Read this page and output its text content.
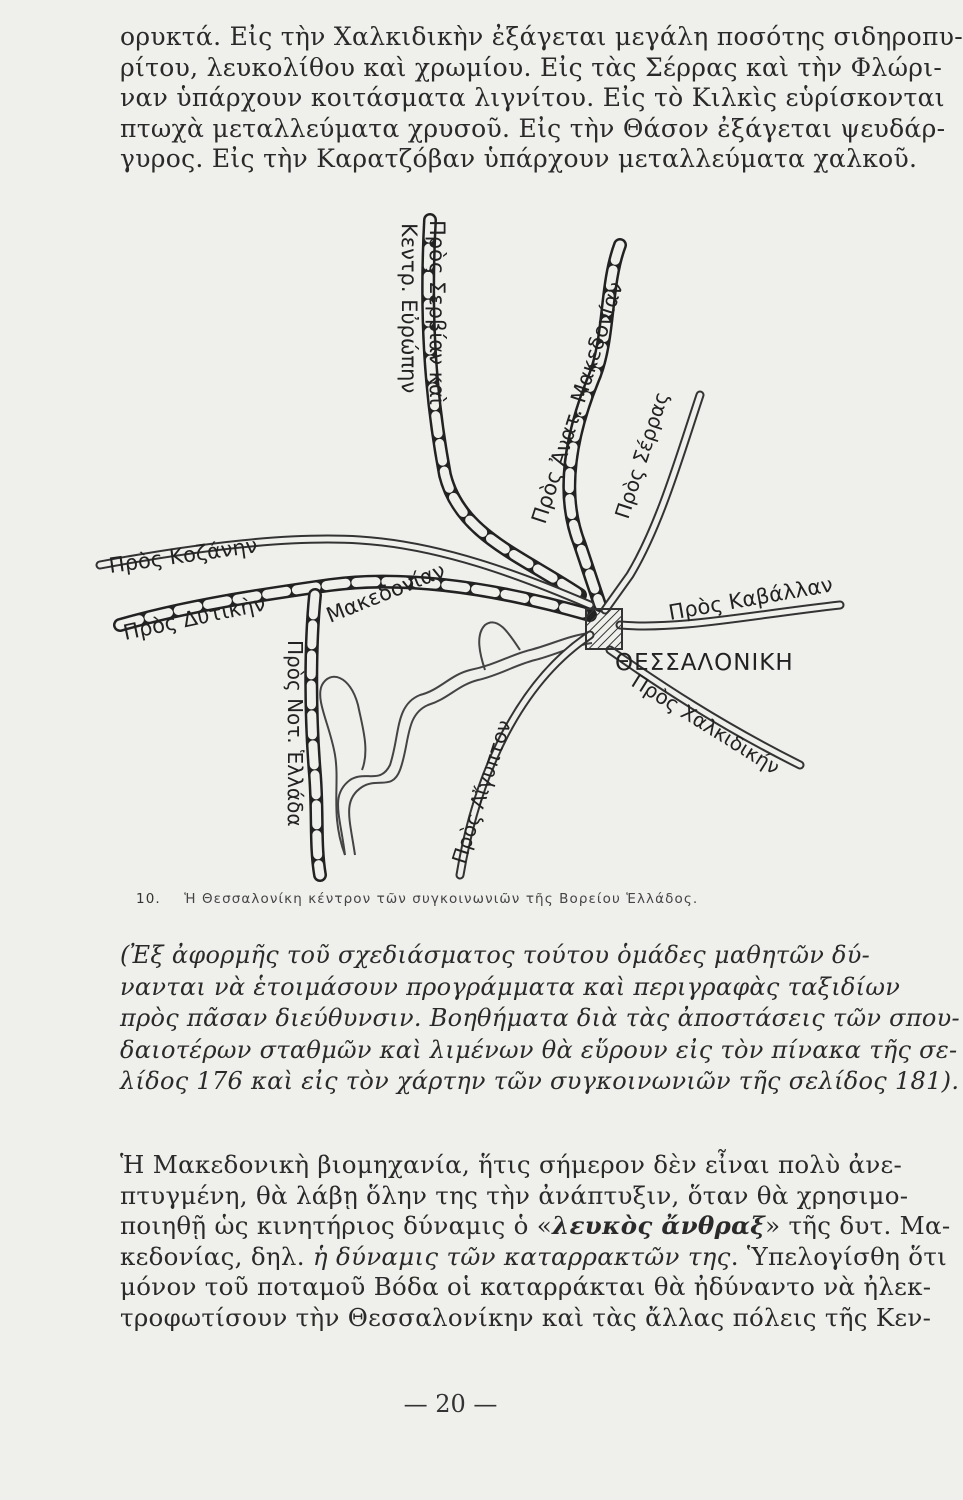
ορυκτά. Εἰς τὴν Χαλκιδικὴν ἐξάγεται μεγάλη ποσότης σιδηροπυ-
ρίτου, λευκολίθου καὶ χρωμίου. Εἰς τὰς Σέρρας καὶ τὴν Φλώρι-
ναν ὑπάρχουν κοιτάσματα λιγνίτου. Εἰς τὸ Κιλκὶς εὑρίσκονται
πτωχὰ μεταλλεύματα χρυσοῦ. Εἰς τὴν Θάσον ἐξάγεται ψευδάρ-
γυρος. Εἰς τὴν Καρατζόβαν ὑπάρχουν μεταλλεύματα χαλκοῦ.
ΘΕΣΣΑΛΟΝΙΚΗ
Πρὸς Σερβίαν καὶ
Κεντρ. Εὐρώπην	Πρὸς Ἀνατ. Μακεδονίαν
Πρὸς Σέρρας
Πρὸς Κοζάνην
Πρὸς Δυτικὴν	Μακεδονίαν
Πρὸς Νοτ. Ἑλλάδα
Πρὸς Καβάλλαν
Πρὸς Χαλκιδικήν
Πρὸς Αἴγυπτον
10. Ἡ Θεσσαλονίκη κέντρον τῶν συγκοινωνιῶν τῆς Βορείου Ἑλλάδος.
(Ἐξ ἀφορμῆς τοῦ σχεδιάσματος τούτου ὁμάδες μαθητῶν δύ-
νανται νὰ ἑτοιμάσουν προγράμματα καὶ περιγραφὰς ταξιδίων
πρὸς πᾶσαν διεύθυνσιν. Βοηθήματα διὰ τὰς ἀποστάσεις τῶν σπου-
δαιοτέρων σταθμῶν καὶ λιμένων θὰ εὕρουν εἰς τὸν πίνακα τῆς σε-
λίδος 176 καὶ εἰς τὸν χάρτην τῶν συγκοινωνιῶν τῆς σελίδος 181).
Ἡ Μακεδονικὴ βιομηχανία, ἥτις σήμερον δὲν εἶναι πολὺ ἀνε-
πτυγμένη, θὰ λάβῃ ὅλην της τὴν ἀνάπτυξιν, ὅταν θὰ χρησιμο-
ποιηθῇ ὡς κινητήριος δύναμις ὁ «λευκὸς ἄνθραξ» τῆς δυτ. Μα-
κεδονίας, δηλ. ἡ δύναμις τῶν καταρρακτῶν της. Ὑπελογίσθη ὅτι
μόνον τοῦ ποταμοῦ Βόδα οἱ καταρράκται θὰ ἠδύναντο νὰ ἠλεκ-
τροφωτίσουν τὴν Θεσσαλονίκην καὶ τὰς ἄλλας πόλεις τῆς Κεν-
— 20 —
